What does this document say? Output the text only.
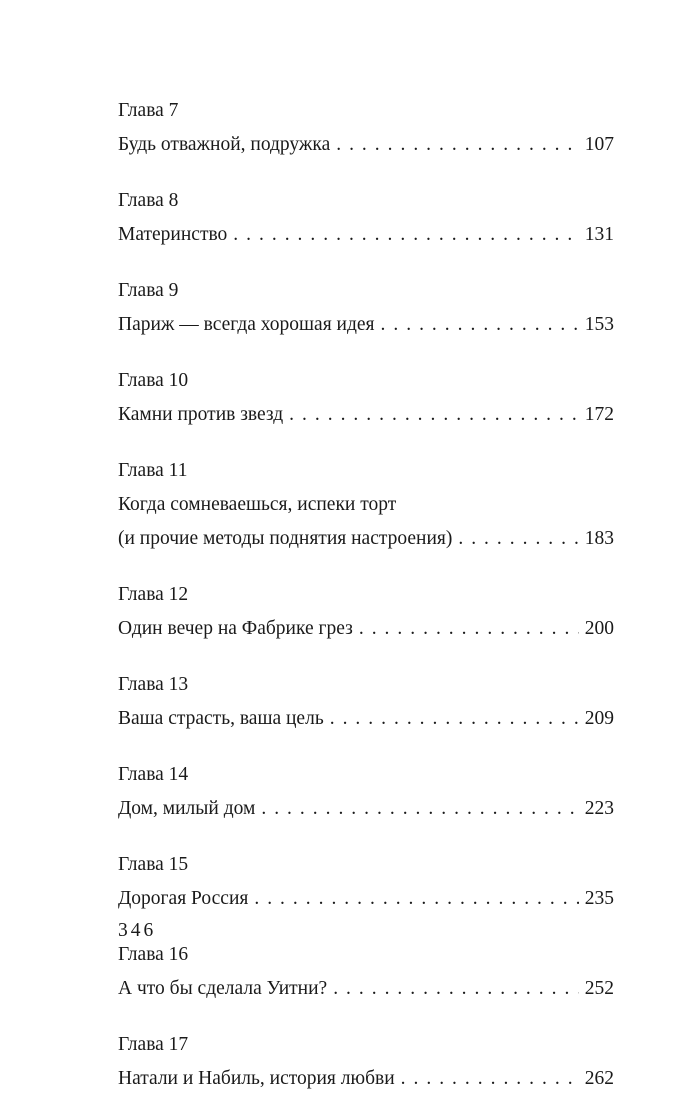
Глава 7
Будь отважной, подружка . . .	107
Глава 8
Материнство . . .	131
Глава 9
Париж — всегда хорошая идея . . .	153
Глава 10
Камни против звезд . . .	172
Глава 11
Когда сомневаешься, испеки торт
(и прочие методы поднятия настроения) . . .	183
Глава 12
Один вечер на Фабрике грез . . .	200
Глава 13
Ваша страсть, ваша цель . . .	209
Глава 14
Дом, милый дом . . .	223
Глава 15
Дорогая Россия . . .	235
Глава 16
А что бы сделала Уитни? . . .	252
Глава 17
Натали и Набиль, история любви . . .	262
346
